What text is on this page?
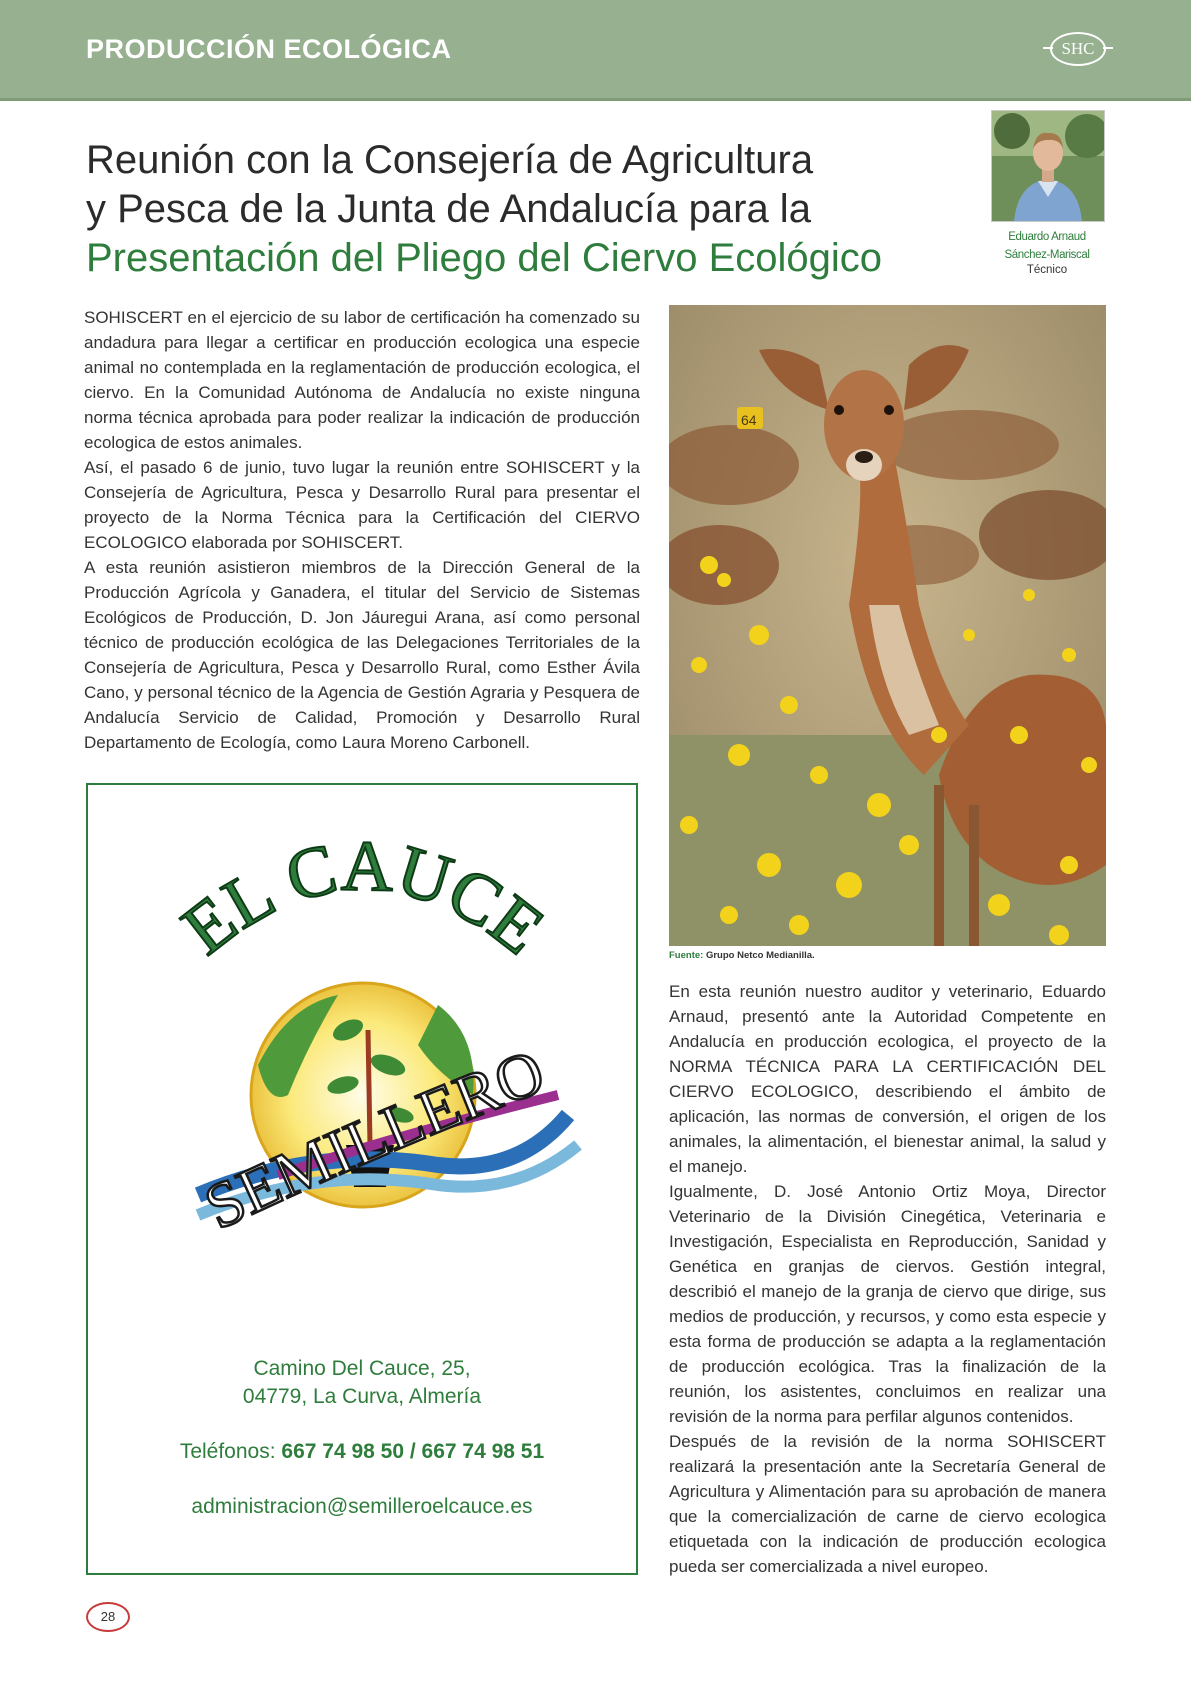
PRODUCCIÓN ECOLÓGICA	SHC
Reunión con la Consejería de Agricultura
y Pesca de la Junta de Andalucía para la
Presentación del Pliego del Ciervo Ecológico	Eduardo Arnaud
Sánchez-Mariscal
Técnico

SOHISCERT en el ejercicio de su labor de certificación ha comenzado su andadura para llegar a certificar en producción ecologica una especie animal no contemplada en la reglamentación de producción ecologica, el ciervo. En la Comunidad Autónoma de Andalucía no existe ninguna norma técnica aprobada para poder realizar la indicación de producción ecologica de estos animales.

Así, el pasado 6 de junio, tuvo lugar la reunión entre SOHISCERT y la Consejería de Agricultura, Pesca y Desarrollo Rural para presentar el proyecto de la Norma Técnica para la Certificación del CIERVO ECOLOGICO elaborada por SOHISCERT.

A esta reunión asistieron miembros de la Dirección General de la Producción Agrícola y Ganadera, el titular del Servicio de Sistemas Ecológicos de Producción, D. Jon Jáuregui Arana, así como personal técnico de producción ecológica de las Delegaciones Territoriales de la Consejería de Agricultura, Pesca y Desarrollo Rural, como Esther Ávila Cano, y personal técnico de la Agencia de Gestión Agraria y Pesquera de Andalucía Servicio de Calidad, Promoción y Desarrollo Rural Departamento de Ecología, como Laura Moreno Carbonell.

64
Fuente: Grupo Netco Medianilla.

En esta reunión nuestro auditor y veterinario, Eduardo Arnaud, presentó ante la Autoridad Competente en Andalucía en producción ecologica, el proyecto de la NORMA TÉCNICA PARA LA CERTIFICACIÓN DEL CIERVO ECOLOGICO, describiendo el ámbito de aplicación, las normas de conversión, el origen de los animales, la alimentación, el bienestar animal, la salud y el manejo.

Igualmente, D. José Antonio Ortiz Moya, Director Veterinario de la División Cinegética, Veterinaria e Investigación, Especialista en Reproducción, Sanidad y Genética en granjas de ciervos. Gestión integral, describió el manejo de la granja de ciervo que dirige, sus medios de producción, y recursos, y como esta especie y esta forma de producción se adapta a la reglamentación de producción ecológica. Tras la finalización de la reunión, los asistentes, concluimos en realizar una revisión de la norma para perfilar algunos contenidos.

Después de la revisión de la norma SOHISCERT realizará la presentación ante la Secretaría General de Agricultura y Alimentación para su aprobación de manera que la comercialización de carne de ciervo ecologica etiquetada con la indicación de producción ecologica pueda ser comercializada a nivel europeo.

EL CAUCE
SEMILLERO
Camino Del Cauce, 25,
04779, La Curva, Almería
Teléfonos: 667 74 98 50 / 667 74 98 51
administracion@semilleroelcauce.es
28
